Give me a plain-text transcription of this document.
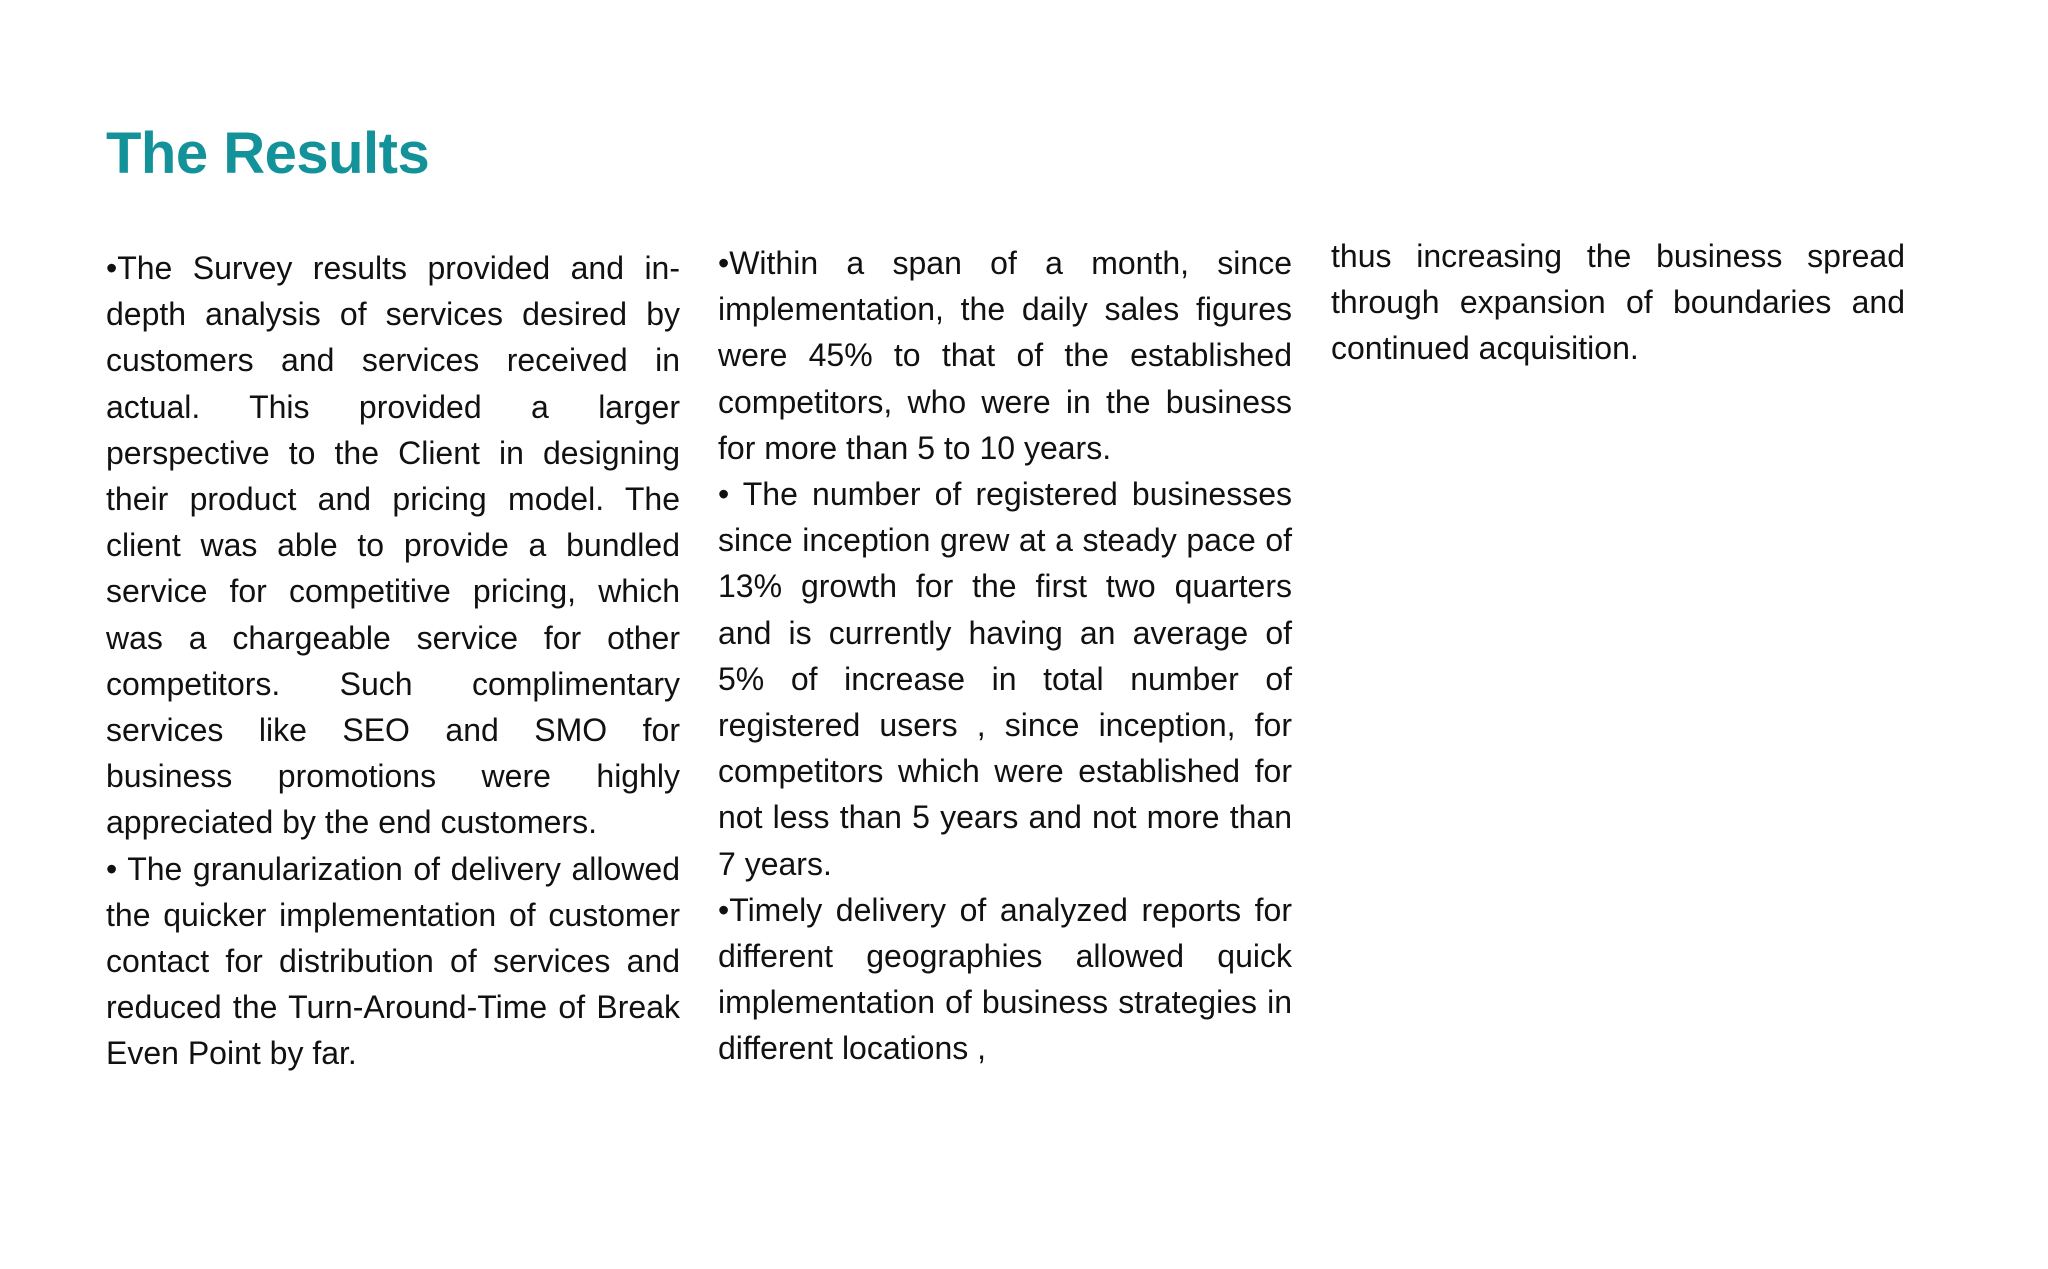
The Results

•The Survey results provided and in-depth analysis of services desired by customers and services received in actual. This provided a larger perspective to the Client in designing their product and pricing model. The client was able to provide a bundled service for competitive pricing, which was a chargeable service for other competitors. Such complimentary services like SEO and SMO for business promotions were highly appreciated by the end customers.

• The granularization of delivery allowed the quicker implementation of customer contact for distribution of services and reduced the Turn-Around-Time of Break Even Point by far.

•Within a span of a month, since implementation, the daily sales figures were 45% to that of the established competitors, who were in the business for more than 5 to 10 years.

• The number of registered businesses since inception grew at a steady pace of 13% growth for the first two quarters and is currently having an average of 5% of increase in total number of registered users , since inception, for competitors which were established for not less than 5 years and not more than 7 years.

•Timely delivery of analyzed reports for different geographies allowed quick implementation of business strategies in different locations ,

thus increasing the business spread through expansion of boundaries and continued acquisition.
